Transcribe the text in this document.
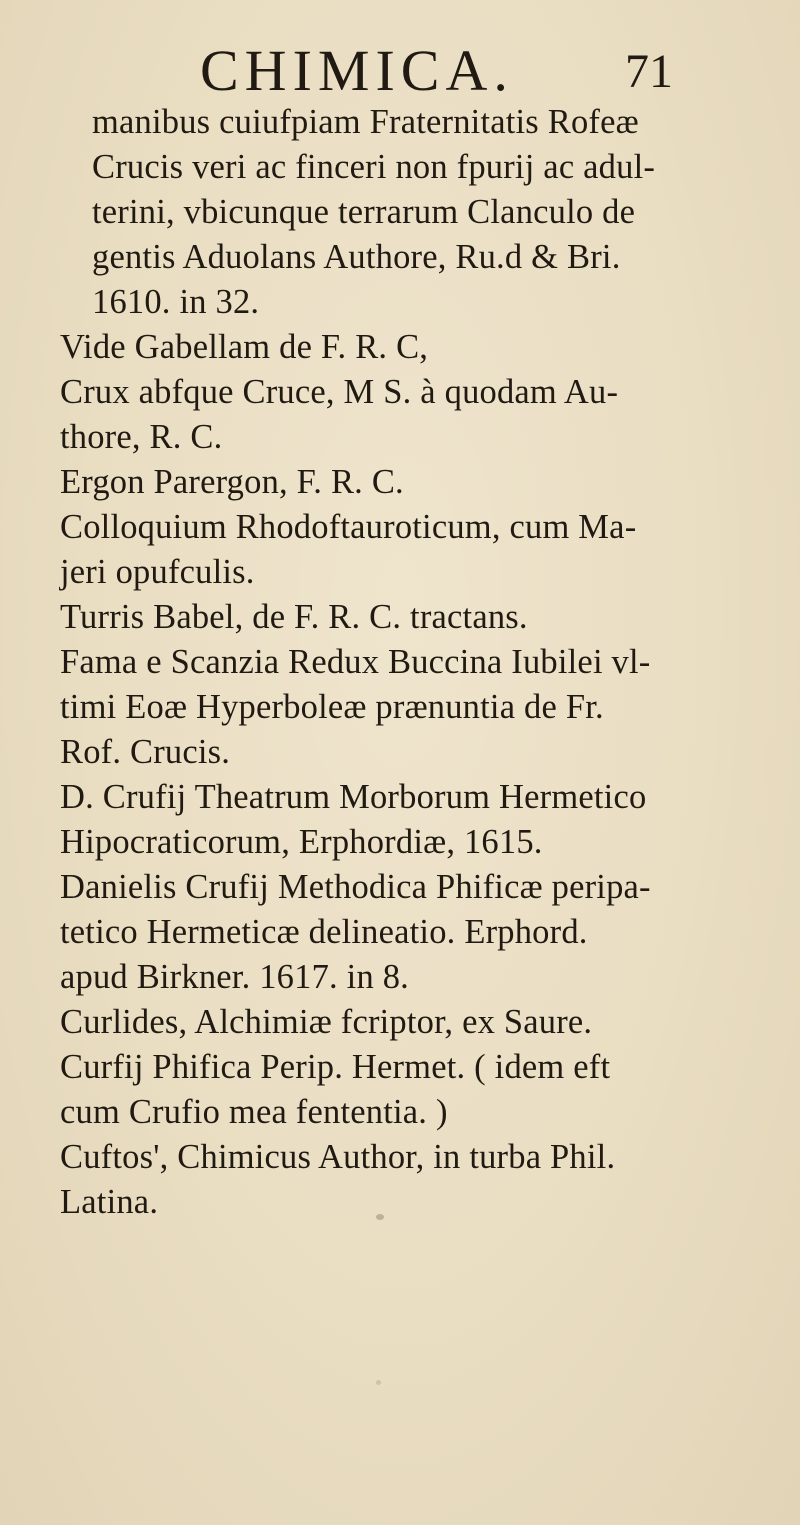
CHIMICA. 71

manibus cuiufpiam Fraternitatis Rofeæ
Crucis veri ac finceri non fpurij ac adul-
terini, vbicunque terrarum Clanculo de
gentis Aduolans Authore, Ru.d & Bri.
1610. in 32.

Vide Gabellam de F. R. C,

Crux abfque Cruce, M S. à quodam Au-
thore, R. C.

Ergon Parergon, F. R. C.

Colloquium Rhodoftauroticum, cum Ma-
jeri opufculis.

Turris Babel, de F. R. C. tractans.

Fama e Scanzia Redux Buccina Iubilei vl-
timi Eoæ Hyperboleæ prænuntia de Fr.
Rof. Crucis.

D. Crufij Theatrum Morborum Hermetico
Hipocraticorum, Erphordiæ, 1615.

Danielis Crufij Methodica Phificæ peripa-
tetico Hermeticæ delineatio. Erphord.
apud Birkner. 1617. in 8.

Curlides, Alchimiæ fcriptor, ex Saure.

Curfij Phifica Perip. Hermet. ( idem eft
cum Crufio mea fententia. )

Cuftos', Chimicus Author, in turba Phil.
Latina.
